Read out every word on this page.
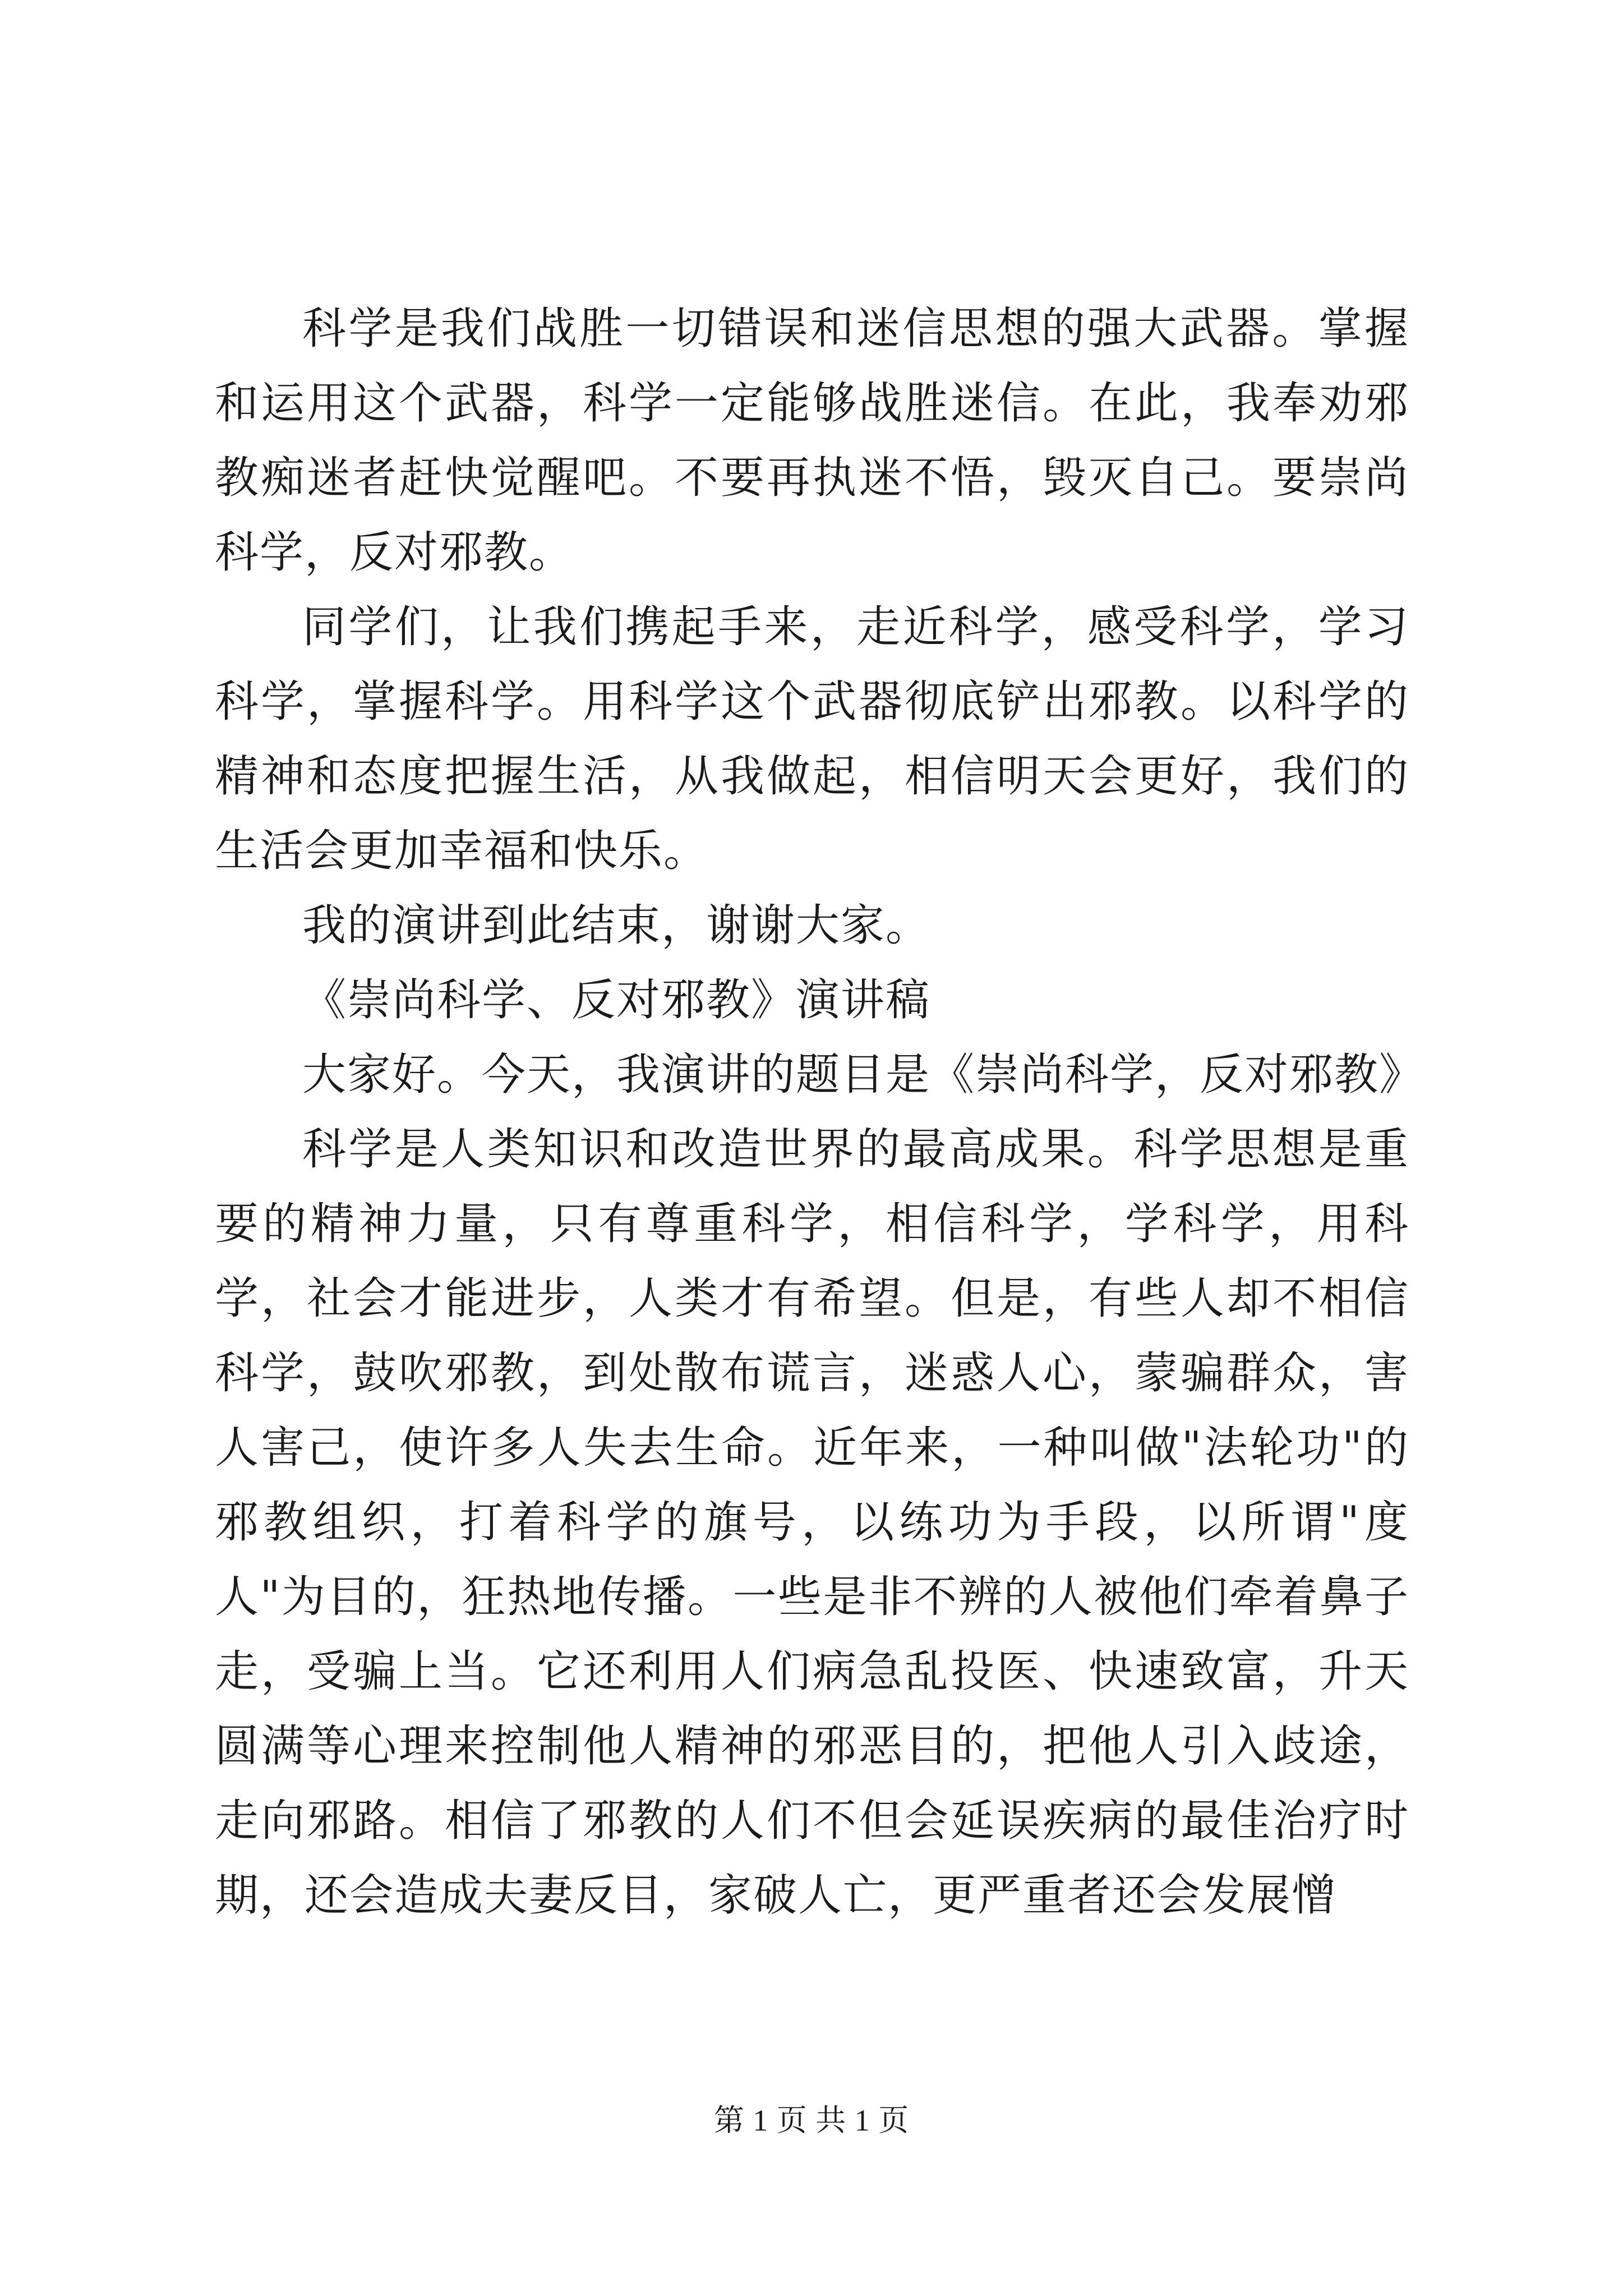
科学是我们战胜一切错误和迷信思想的强大武器。掌握和运用这个武器，科学一定能够战胜迷信。在此，我奉劝邪教痴迷者赶快觉醒吧。不要再执迷不悟，毁灭自己。要崇尚科学，反对邪教。

同学们，让我们携起手来，走近科学，感受科学，学习科学，掌握科学。用科学这个武器彻底铲出邪教。以科学的精神和态度把握生活，从我做起，相信明天会更好，我们的生活会更加幸福和快乐。

我的演讲到此结束，谢谢大家。

《崇尚科学、反对邪教》演讲稿

大家好。今天，我演讲的题目是《崇尚科学，反对邪教》

科学是人类知识和改造世界的最高成果。科学思想是重要的精神力量，只有尊重科学，相信科学，学科学，用科学，社会才能进步，人类才有希望。但是，有些人却不相信科学，鼓吹邪教，到处散布谎言，迷惑人心，蒙骗群众，害人害己，使许多人失去生命。近年来，一种叫做"法轮功"的邪教组织，打着科学的旗号，以练功为手段，以所谓"度人"为目的，狂热地传播。一些是非不辨的人被他们牵着鼻子走，受骗上当。它还利用人们病急乱投医、快速致富，升天圆满等心理来控制他人精神的邪恶目的，把他人引入歧途，走向邪路。相信了邪教的人们不但会延误疾病的最佳治疗时期，还会造成夫妻反目，家破人亡，更严重者还会发展憎

第 1 页 共 1 页
